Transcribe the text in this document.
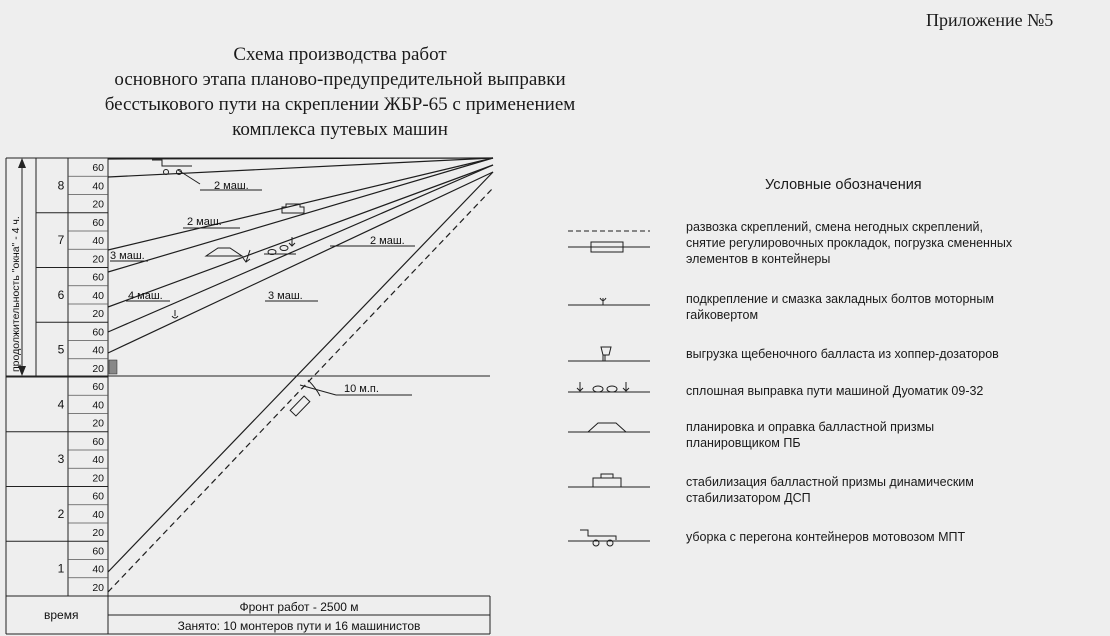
Приложение №5
Схема производства работ
основного этапа планово-предупредительной выправки
бесстыкового пути на скреплении ЖБР-65 с применением
комплекса путевых машин
8
7
6
5
4
3
2
1
60
40
20
60
40
20
60
40
20
60
40
20
60
40
20
60
40
20
60
40
20
60
40
20
продолжительность "окна" - 4 ч.
2 маш.
2 маш.
2 маш.
3 маш.
4 маш.	3 маш.
10 м.п.
время
Фронт работ - 2500 м
Занято: 10 монтеров пути и 16 машинистов
Условные обозначения
развозка скреплений, смена негодных скреплений,
снятие регулировочных прокладок, погрузка смененных
элементов в контейнеры
подкрепление и смазка закладных болтов моторным
гайковертом
выгрузка щебеночного балласта из хоппер-дозаторов
сплошная выправка пути машиной Дуоматик 09-32
планировка и оправка балластной призмы
планировщиком ПБ
стабилизация балластной призмы динамическим
стабилизатором ДСП
уборка с перегона контейнеров мотовозом МПТ
